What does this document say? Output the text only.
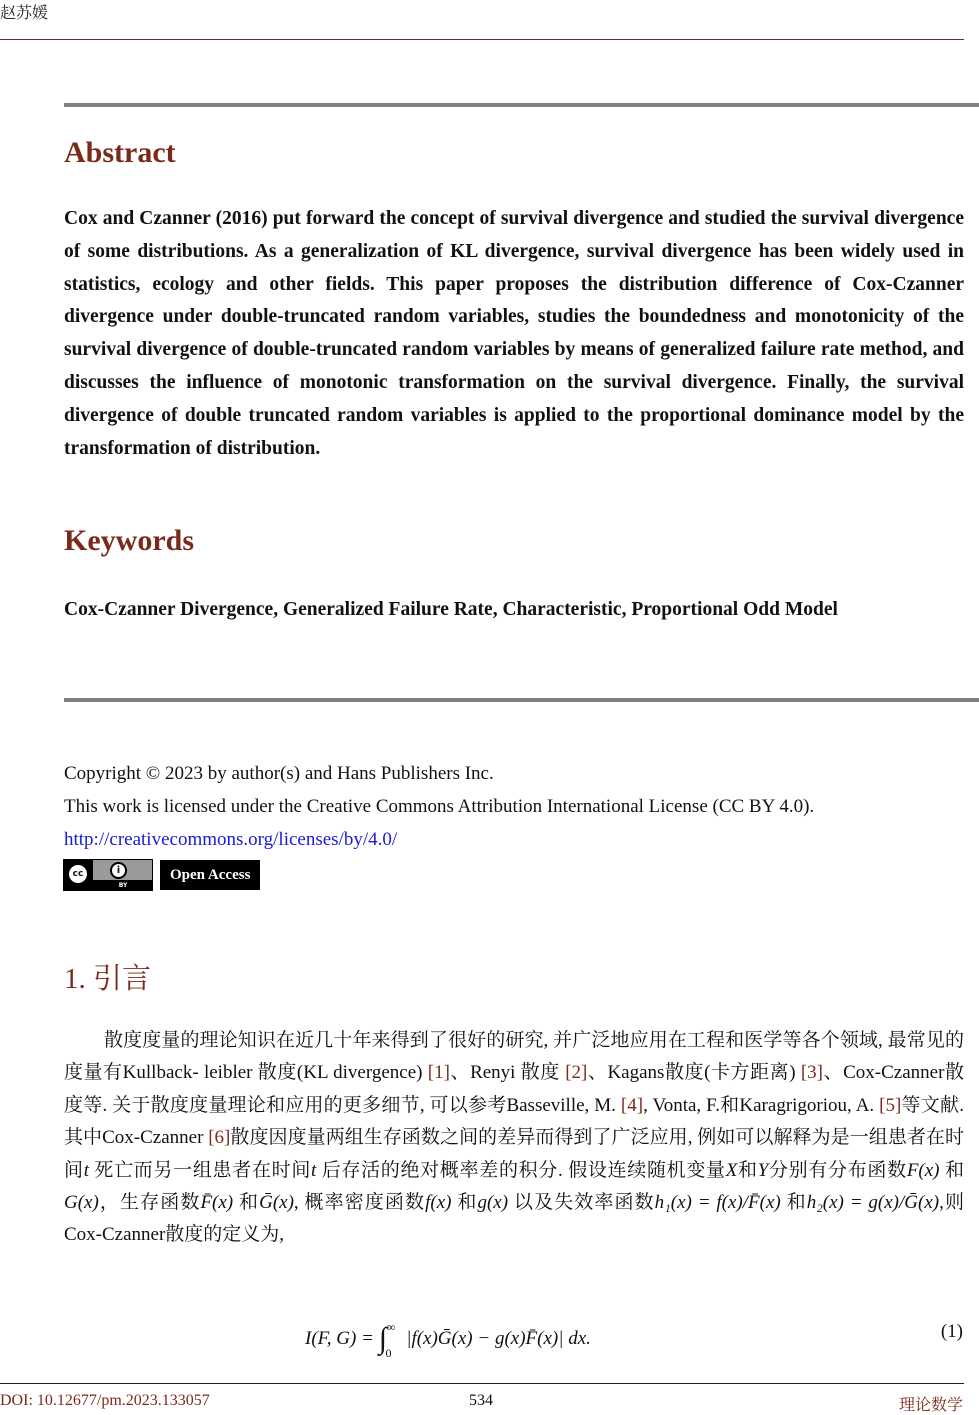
赵苏媛
Abstract
Cox and Czanner (2016) put forward the concept of survival divergence and studied the survival divergence of some distributions. As a generalization of KL divergence, survival divergence has been widely used in statistics, ecology and other fields. This paper proposes the distribution difference of Cox-Czanner divergence under double-truncated random variables, studies the boundedness and monotonicity of the survival divergence of double-truncated random variables by means of generalized failure rate method, and discusses the influence of monotonic transformation on the survival divergence. Finally, the survival divergence of double truncated random variables is applied to the proportional dominance model by the transformation of distribution.
Keywords
Cox-Czanner Divergence, Generalized Failure Rate, Characteristic, Proportional Odd Model
Copyright © 2023 by author(s) and Hans Publishers Inc.
This work is licensed under the Creative Commons Attribution International License (CC BY 4.0).
http://creativecommons.org/licenses/by/4.0/
cc	i
BY
Open Access
1. 引言
散度度量的理论知识在近几十年来得到了很好的研究, 并广泛地应用在工程和医学等各个领域, 最常见的度量有Kullback- leibler 散度(KL divergence) [1]、Renyi 散度 [2]、Kagans散度(卡方距离) [3]、Cox-Czanner散度等. 关于散度度量理论和应用的更多细节, 可以参考Basseville, M. [4], Vonta, F.和Karagrigoriou, A. [5]等文献. 其中Cox-Czanner [6]散度因度量两组生存函数之间的差异而得到了广泛应用, 例如可以解释为是一组患者在时间t 死亡而另一组患者在时间t 后存活的绝对概率差的积分. 假设连续随机变量X和Y分别有分布函数F(x) 和G(x)，生存函数F̄(x) 和Ḡ(x), 概率密度函数f(x) 和g(x) 以及失效率函数h₁(x) = f(x)/F̄(x) 和h₂(x) = g(x)/Ḡ(x),则Cox-Czanner散度的定义为,
I(F, $G) = \int^\infty_0$ |f(x)Ḡ(x) − g(x)F̄(x)| dx.	(1)
DOI: 10.12677/pm.2023.133057	534	理论数学
